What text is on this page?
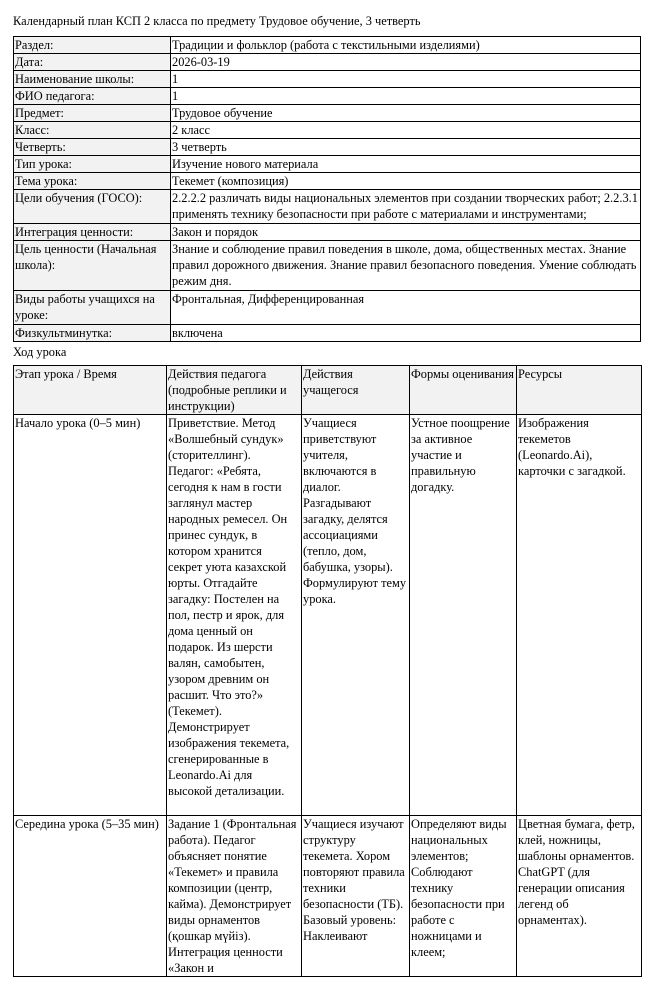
Календарный план КСП 2 класса по предмету Трудовое обучение, 3 четверть
Раздел:	Традиции и фольклор (работа с текстильными изделиями)
Дата:	2026-03-19
Наименование школы:	1
ФИО педагога:	1
Предмет:	Трудовое обучение
Класс:	2 класс
Четверть:	3 четверть
Тип урока:	Изучение нового материала
Тема урока:	Текемет (композиция)
Цели обучения (ГОСО):	2.2.2.2 различать виды национальных элементов при создании творческих работ; 2.2.3.1 применять технику безопасности при работе с материалами и инструментами;
Интеграция ценности:	Закон и порядок
Цель ценности (Начальная школа):	Знание и соблюдение правил поведения в школе, дома, общественных местах. Знание правил дорожного движения. Знание правил безопасного поведения. Умение соблюдать режим дня.
Виды работы учащихся на уроке:	Фронтальная, Дифференцированная
Физкультминутка:	включена
Ход урока
Этап урока / Время	Действия педагога (подробные реплики и инструкции)	Действия учащегося	Формы оценивания	Ресурсы
Начало урока (0–5 мин)	Приветствие. Метод «Волшебный сундук» (сторителлинг). Педагог: «Ребята, сегодня к нам в гости заглянул мастер народных ремесел. Он принес сундук, в котором хранится секрет уюта казахской юрты. Отгадайте загадку: Постелен на пол, пестр и ярок, для дома ценный он подарок. Из шерсти валян, самобытен, узором древним он расшит. Что это?» (Текемет). Демонстрирует изображения текемета, сгенерированные в Leonardo.Ai для высокой детализации.	Учащиеся приветствуют учителя, включаются в диалог. Разгадывают загадку, делятся ассоциациями (тепло, дом, бабушка, узоры). Формулируют тему урока.	Устное поощрение за активное участие и правильную догадку.	Изображения текеметов (Leonardo.Ai), карточки с загадкой.
Середина урока (5–35 мин)	Задание 1 (Фронтальная работа). Педагог объясняет понятие «Текемет» и правила композиции (центр, кайма). Демонстрирует виды орнаментов (қошкар мүйіз). Интеграция ценности «Закон и	Учащиеся изучают структуру текемета. Хором повторяют правила техники безопасности (ТБ). Базовый уровень: Наклеивают	Определяют виды национальных элементов; Соблюдают технику безопасности при работе с ножницами и клеем;	Цветная бумага, фетр, клей, ножницы, шаблоны орнаментов. ChatGPT (для генерации описания легенд об орнаментах).
